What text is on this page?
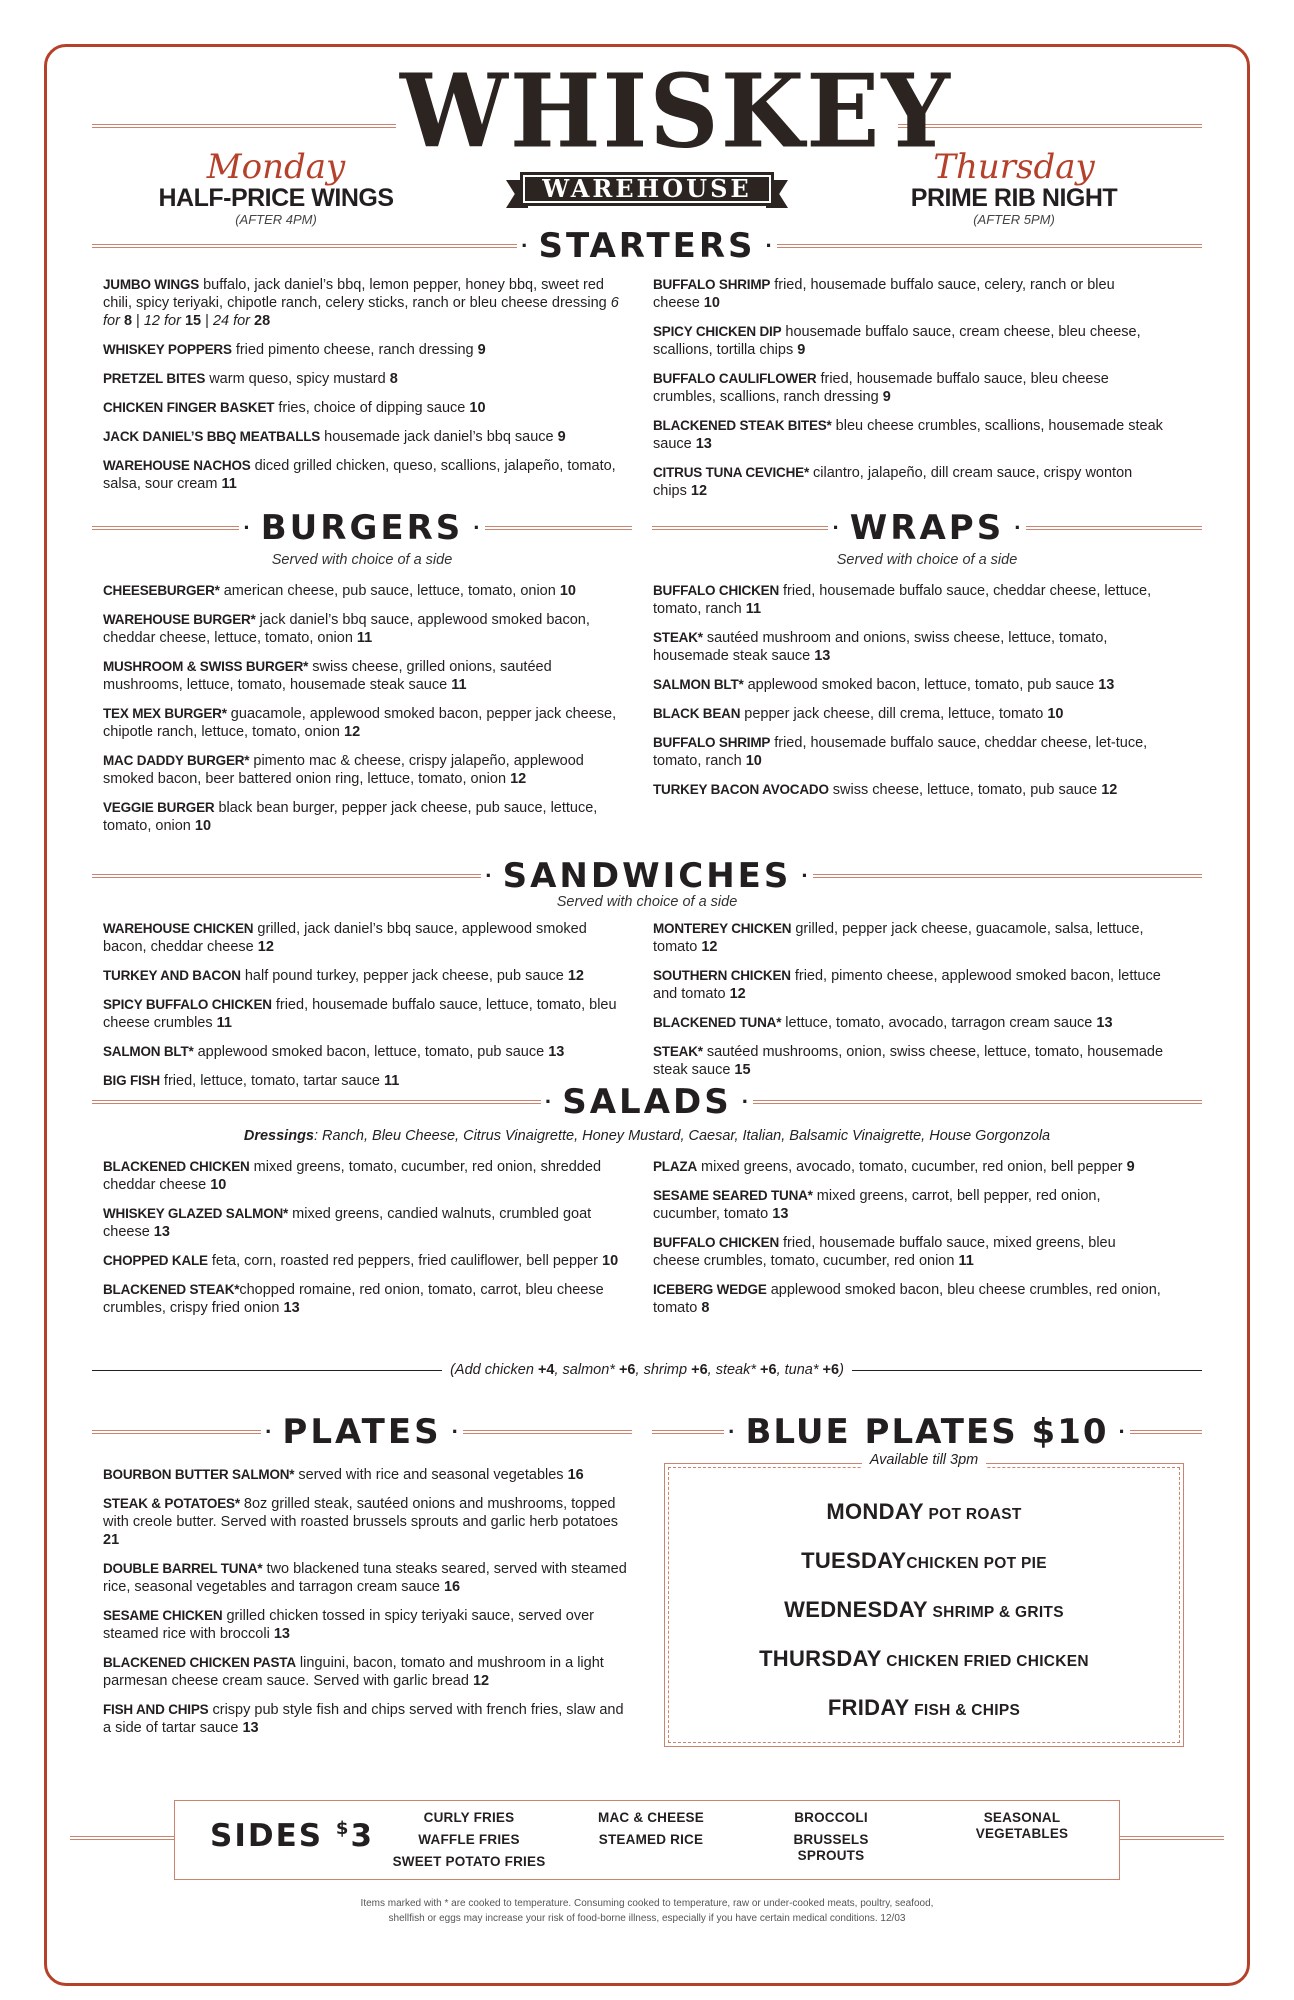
WHISKEY
WAREHOUSE
Monday
HALF-PRICE WINGS
(AFTER 4PM)
Thursday
PRIME RIB NIGHT
(AFTER 5PM)
· STARTERS ·
JUMBO WINGS buffalo, jack daniel’s bbq, lemon pepper, honey bbq, sweet red chili, spicy teriyaki, chipotle ranch, celery sticks, ranch or bleu cheese dressing 6 for 8 | 12 for 15 | 24 for 28
WHISKEY POPPERS fried pimento cheese, ranch dressing 9
PRETZEL BITES warm queso, spicy mustard 8
CHICKEN FINGER BASKET fries, choice of dipping sauce 10
JACK DANIEL’S BBQ MEATBALLS housemade jack daniel’s bbq sauce 9
WAREHOUSE NACHOS diced grilled chicken, queso, scallions, jalapeño, tomato, salsa, sour cream 11
BUFFALO SHRIMP fried, housemade buffalo sauce, celery, ranch or bleu cheese 10
SPICY CHICKEN DIP housemade buffalo sauce, cream cheese, bleu cheese, scallions, tortilla chips 9
BUFFALO CAULIFLOWER fried, housemade buffalo sauce, bleu cheese crumbles, scallions, ranch dressing 9
BLACKENED STEAK BITES* bleu cheese crumbles, scallions, housemade steak sauce 13
CITRUS TUNA CEVICHE* cilantro, jalapeño, dill cream sauce, crispy wonton chips 12
· BURGERS ·
Served with choice of a side
CHEESEBURGER* american cheese, pub sauce, lettuce, tomato, onion 10
WAREHOUSE BURGER* jack daniel’s bbq sauce, applewood smoked bacon, cheddar cheese, lettuce, tomato, onion 11
MUSHROOM & SWISS BURGER* swiss cheese, grilled onions, sautéed mushrooms, lettuce, tomato, housemade steak sauce 11
TEX MEX BURGER* guacamole, applewood smoked bacon, pepper jack cheese, chipotle ranch, lettuce, tomato, onion 12
MAC DADDY BURGER* pimento mac & cheese, crispy jalapeño, applewood smoked bacon, beer battered onion ring, lettuce, tomato, onion 12
VEGGIE BURGER black bean burger, pepper jack cheese, pub sauce, lettuce, tomato, onion 10
· WRAPS ·
Served with choice of a side
BUFFALO CHICKEN fried, housemade buffalo sauce, cheddar cheese, lettuce, tomato, ranch 11
STEAK* sautéed mushroom and onions, swiss cheese, lettuce, tomato, housemade steak sauce 13
SALMON BLT* applewood smoked bacon, lettuce, tomato, pub sauce 13
BLACK BEAN pepper jack cheese, dill crema, lettuce, tomato 10
BUFFALO SHRIMP fried, housemade buffalo sauce, cheddar cheese, let-tuce, tomato, ranch 10
TURKEY BACON AVOCADO swiss cheese, lettuce, tomato, pub sauce 12
· SANDWICHES ·
Served with choice of a side
WAREHOUSE CHICKEN grilled, jack daniel’s bbq sauce, applewood smoked bacon, cheddar cheese 12
TURKEY AND BACON half pound turkey, pepper jack cheese, pub sauce 12
SPICY BUFFALO CHICKEN fried, housemade buffalo sauce, lettuce, tomato, bleu cheese crumbles 11
SALMON BLT* applewood smoked bacon, lettuce, tomato, pub sauce 13
BIG FISH fried, lettuce, tomato, tartar sauce 11
MONTEREY CHICKEN grilled, pepper jack cheese, guacamole, salsa, lettuce, tomato 12
SOUTHERN CHICKEN fried, pimento cheese, applewood smoked bacon, lettuce and tomato 12
BLACKENED TUNA* lettuce, tomato, avocado, tarragon cream sauce 13
STEAK* sautéed mushrooms, onion, swiss cheese, lettuce, tomato, housemade steak sauce 15
· SALADS ·
Dressings: Ranch, Bleu Cheese, Citrus Vinaigrette, Honey Mustard, Caesar, Italian, Balsamic Vinaigrette, House Gorgonzola
BLACKENED CHICKEN mixed greens, tomato, cucumber, red onion, shredded cheddar cheese 10
WHISKEY GLAZED SALMON* mixed greens, candied walnuts, crumbled goat cheese 13
CHOPPED KALE feta, corn, roasted red peppers, fried cauliflower, bell pepper 10
BLACKENED STEAK*chopped romaine, red onion, tomato, carrot, bleu cheese crumbles, crispy fried onion 13
PLAZA mixed greens, avocado, tomato, cucumber, red onion, bell pepper 9
SESAME SEARED TUNA* mixed greens, carrot, bell pepper, red onion, cucumber, tomato 13
BUFFALO CHICKEN fried, housemade buffalo sauce, mixed greens, bleu cheese crumbles, tomato, cucumber, red onion 11
ICEBERG WEDGE applewood smoked bacon, bleu cheese crumbles, red onion, tomato 8
(Add chicken +4, salmon* +6, shrimp +6, steak* +6, tuna* +6)
· PLATES ·
BOURBON BUTTER SALMON* served with rice and seasonal vegetables 16
STEAK & POTATOES* 8oz grilled steak, sautéed onions and mushrooms, topped with creole butter. Served with roasted brussels sprouts and garlic herb potatoes 21
DOUBLE BARREL TUNA* two blackened tuna steaks seared, served with steamed rice, seasonal vegetables and tarragon cream sauce 16
SESAME CHICKEN grilled chicken tossed in spicy teriyaki sauce, served over steamed rice with broccoli 13
BLACKENED CHICKEN PASTA linguini, bacon, tomato and mushroom in a light parmesan cheese cream sauce. Served with garlic bread 12
FISH AND CHIPS crispy pub style fish and chips served with french fries, slaw and a side of tartar sauce 13
· BLUE PLATES $10 ·
Available till 3pm
MONDAY POT ROAST
TUESDAYCHICKEN POT PIE
WEDNESDAY SHRIMP & GRITS
THURSDAY CHICKEN FRIED CHICKEN
FRIDAY FISH & CHIPS
SIDES $3
CURLY FRIES
WAFFLE FRIES
SWEET POTATO FRIES
MAC & CHEESE
STEAMED RICE
BROCCOLI
BRUSSELS
SPROUTS
SEASONAL
VEGETABLES
Items marked with * are cooked to temperature. Consuming cooked to temperature, raw or under-cooked meats, poultry, seafood,
shellfish or eggs may increase your risk of food-borne illness, especially if you have certain medical conditions. 12/03
